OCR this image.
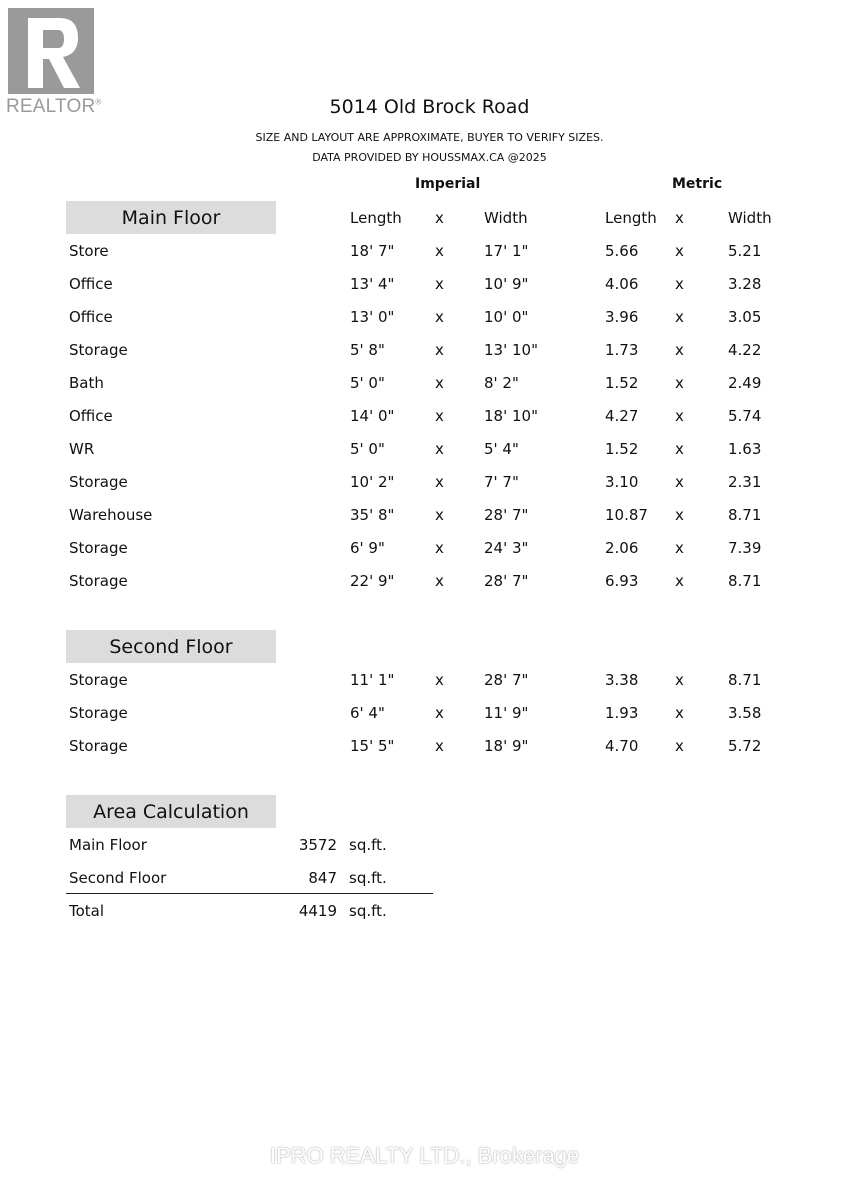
REALTOR®	5014 Old Brock Road
SIZE AND LAYOUT ARE APPROXIMATE, BUYER TO VERIFY SIZES.
DATA PROVIDED BY HOUSSMAX.CA @2025
Imperial	Metric
Main Floor	Length x	Width	Length x	Width
Store	18' 7"	x	17' 1"	5.66 x	5.21
Office	13' 4"	x	10' 9"	4.06 x	3.28
Office	13' 0"	x	10' 0"	3.96 x	3.05
Storage	5' 8"	x	13' 10"	1.73 x	4.22
Bath	5' 0"	x	8' 2"	1.52 x	2.49
Office	14' 0"	x	18' 10"	4.27 x	5.74
WR	5' 0"	x	5' 4"	1.52 x	1.63
Storage	10' 2"	x	7' 7"	3.10 x	2.31
Warehouse	35' 8"	x	28' 7"	10.87 x	8.71
Storage	6' 9"	x	24' 3"	2.06 x	7.39
Storage	22' 9"	x	28' 7"	6.93 x	8.71
Second Floor
Storage	11' 1"	x	28' 7"	3.38 x	8.71
Storage	6' 4"	x	11' 9"	1.93 x	3.58
Storage	15' 5"	x	18' 9"	4.70 x	5.72
Area Calculation
Main Floor	3572 sq.ft.
Second Floor	847 sq.ft.
Total	4419 sq.ft.
IPRO REALTY LTD., Brokerage
